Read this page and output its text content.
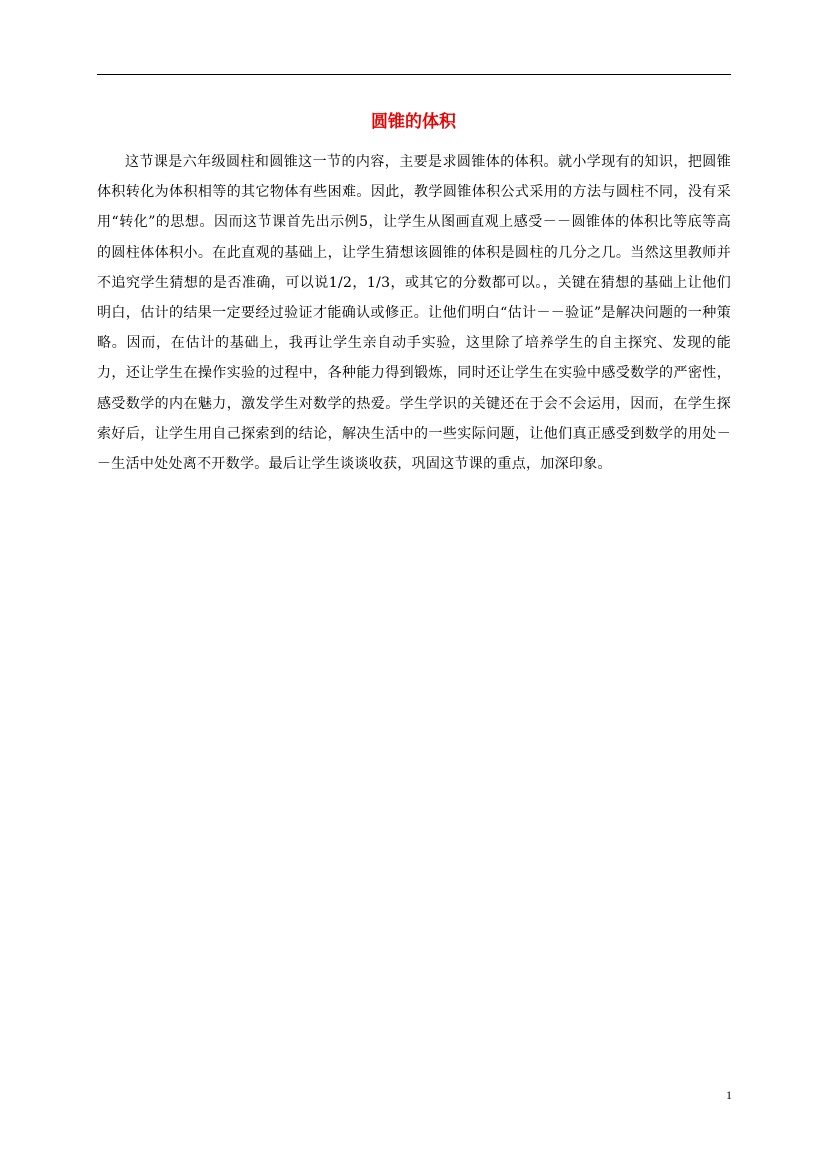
圆锥的体积

这节课是六年级圆柱和圆锥这一节的内容，主要是求圆锥体的体积。就小学现有的知识，把圆锥体积转化为体积相等的其它物体有些困难。因此，教学圆锥体积公式采用的方法与圆柱不同，没有采用“转化”的思想。因而这节课首先出示例5，让学生从图画直观上感受－－圆锥体的体积比等底等高的圆柱体体积小。在此直观的基础上，让学生猜想该圆锥的体积是圆柱的几分之几。当然这里教师并不追究学生猜想的是否准确，可以说1/2，1/3，或其它的分数都可以。，关键在猜想的基础上让他们明白，估计的结果一定要经过验证才能确认或修正。让他们明白“估计－－验证”是解决问题的一种策略。因而，在估计的基础上，我再让学生亲自动手实验，这里除了培养学生的自主探究、发现的能力，还让学生在操作实验的过程中，各种能力得到锻炼，同时还让学生在实验中感受数学的严密性，感受数学的内在魅力，激发学生对数学的热爱。学生学识的关键还在于会不会运用，因而，在学生探索好后，让学生用自己探索到的结论，解决生活中的一些实际问题，让他们真正感受到数学的用处－－生活中处处离不开数学。最后让学生谈谈收获，巩固这节课的重点，加深印象。

1
